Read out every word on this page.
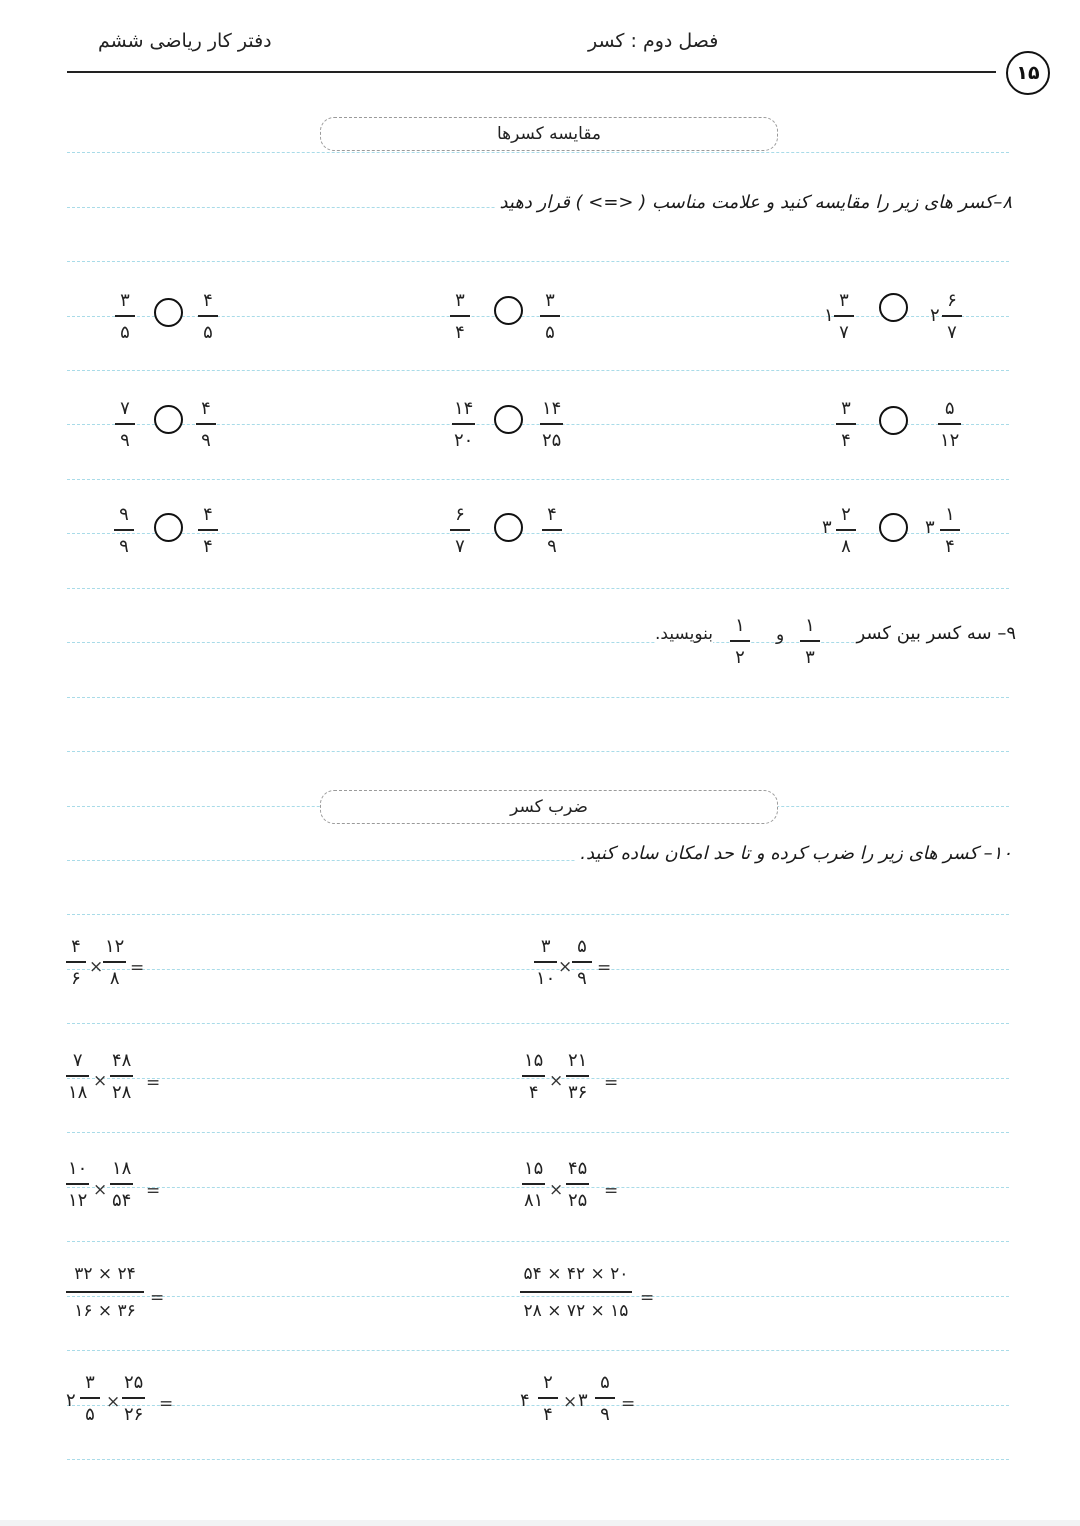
دفتر کار ریاضی ششم	فصل دوم : کسر
۱۵
مقایسه کسرها
۸–کسر های زیر را مقایسه کنید و علامت مناسب ( <=> ) قرار دهید
۲
۶
۷
۱
۳
۷
۳
۵
۳
۴
۴
۵
۳
۵
۵
۱۲
۳
۴
۱۴
۲۵
۱۴
۲۰
۴
۹
۷
۹
۳
۱
۴
۳
۲
۸
۴
۹
۶
۷
۴
۴
۹
۹
۹– سه کسر بین کسر
۱
۳
و
۱
۲
بنویسید.
ضرب کسر
۱۰– کسر های زیر را ضرب کرده و تا حد امکان ساده کنید.
۳
۱۰
×
۵
۹ =
۴
۶
×
۱۲
۸ =
۱۵
۴
×
۲۱
۳۶ =
۷
۱۸
×
۴۸
۲۸ =
۱۵
۸۱ ×
۴۵
۲۵ =
۱۰
۱۲ ×
۱۸
۵۴ =
۵۴ × ۴۲ × ۲۰
۲۸ × ۷۲ × ۱۵
=
۳۲ × ۲۴
۱۶ × ۳۶
=
۴
۲
۴
× ۳
۵
۹ =
۲
۳
۵
×
۲۵
۲۶ =
